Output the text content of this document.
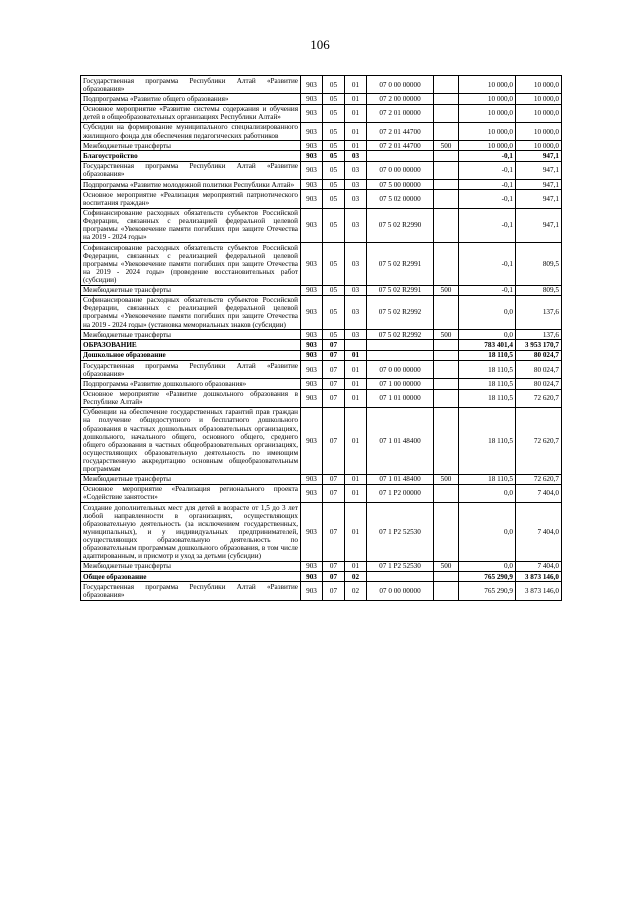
106
Государственная программа Республики Алтай «Развитие образования»	903	05	01	07 0 00 00000		10 000,0	10 000,0
Подпрограмма «Развитие общего образования»	903	05	01	07 2 00 00000		10 000,0	10 000,0
Основное мероприятие «Развитие системы содержания и обучения детей в общеобразовательных организациях Республики Алтай»	903	05	01	07 2 01 00000		10 000,0	10 000,0
Субсидии на формирование муниципального специализированного жилищного фонда для обеспечения педагогических работников	903	05	01	07 2 01 44700		10 000,0	10 000,0
Межбюджетные трансферты	903	05	01	07 2 01 44700	500	10 000,0	10 000,0
Благоустройство	903	05	03			-0,1	947,1
Государственная программа Республики Алтай «Развитие образования»	903	05	03	07 0 00 00000		-0,1	947,1
Подпрограмма «Развитие молодежной политики Республики Алтай»	903	05	03	07 5 00 00000		-0,1	947,1
Основное мероприятие «Реализация мероприятий патриотического воспитания граждан»	903	05	03	07 5 02 00000		-0,1	947,1
Софинансирование расходных обязательств субъектов Российской Федерации, связанных с реализацией федеральной целевой программы «Увековечение памяти погибших при защите Отечества на 2019 - 2024 годы»	903	05	03	07 5 02 R2990		-0,1	947,1
Софинансирование расходных обязательств субъектов Российской Федерации, связанных с реализацией федеральной целевой программы «Увековечение памяти погибших при защите Отечества на 2019 - 2024 годы» (проведение восстановительных работ (субсидии)	903	05	03	07 5 02 R2991		-0,1	809,5
Межбюджетные трансферты	903	05	03	07 5 02 R2991	500	-0,1	809,5
Софинансирование расходных обязательств субъектов Российской Федерации, связанных с реализацией федеральной целевой программы «Увековечение памяти погибших при защите Отечества на 2019 - 2024 годы» (установка мемориальных знаков (субсидии)	903	05	03	07 5 02 R2992		0,0	137,6
Межбюджетные трансферты	903	05	03	07 5 02 R2992	500	0,0	137,6
ОБРАЗОВАНИЕ	903	07				783 401,4	3 953 170,7
Дошкольное образование	903	07	01			18 110,5	80 024,7
Государственная программа Республики Алтай «Развитие образования»	903	07	01	07 0 00 00000		18 110,5	80 024,7
Подпрограмма «Развитие дошкольного образования»	903	07	01	07 1 00 00000		18 110,5	80 024,7
Основное мероприятие «Развитие дошкольного образования в Республике Алтай»	903	07	01	07 1 01 00000		18 110,5	72 620,7
Субвенции на обеспечение государственных гарантий прав граждан на получение общедоступного и бесплатного дошкольного образования в частных дошкольных образовательных организациях, дошкольного, начального общего, основного общего, среднего общего образования в частных общеобразовательных организациях, осуществляющих образовательную деятельность по имеющим государственную аккредитацию основным общеобразовательным программам	903	07	01	07 1 01 48400		18 110,5	72 620,7
Межбюджетные трансферты	903	07	01	07 1 01 48400	500	18 110,5	72 620,7
Основное мероприятие «Реализация регионального проекта «Содействие занятости»	903	07	01	07 1 P2 00000		0,0	7 404,0
Создание дополнительных мест для детей в возрасте от 1,5 до 3 лет любой направленности в организациях, осуществляющих образовательную деятельность (за исключением государственных, муниципальных), и у индивидуальных предпринимателей, осуществляющих образовательную деятельность по образовательным программам дошкольного образования, в том числе адаптированным, и присмотр и уход за детьми (субсидии)	903	07	01	07 1 P2 52530		0,0	7 404,0
Межбюджетные трансферты	903	07	01	07 1 P2 52530	500	0,0	7 404,0
Общее образование	903	07	02			765 290,9	3 873 146,0
Государственная программа Республики Алтай «Развитие образования»	903	07	02	07 0 00 00000		765 290,9	3 873 146,0
